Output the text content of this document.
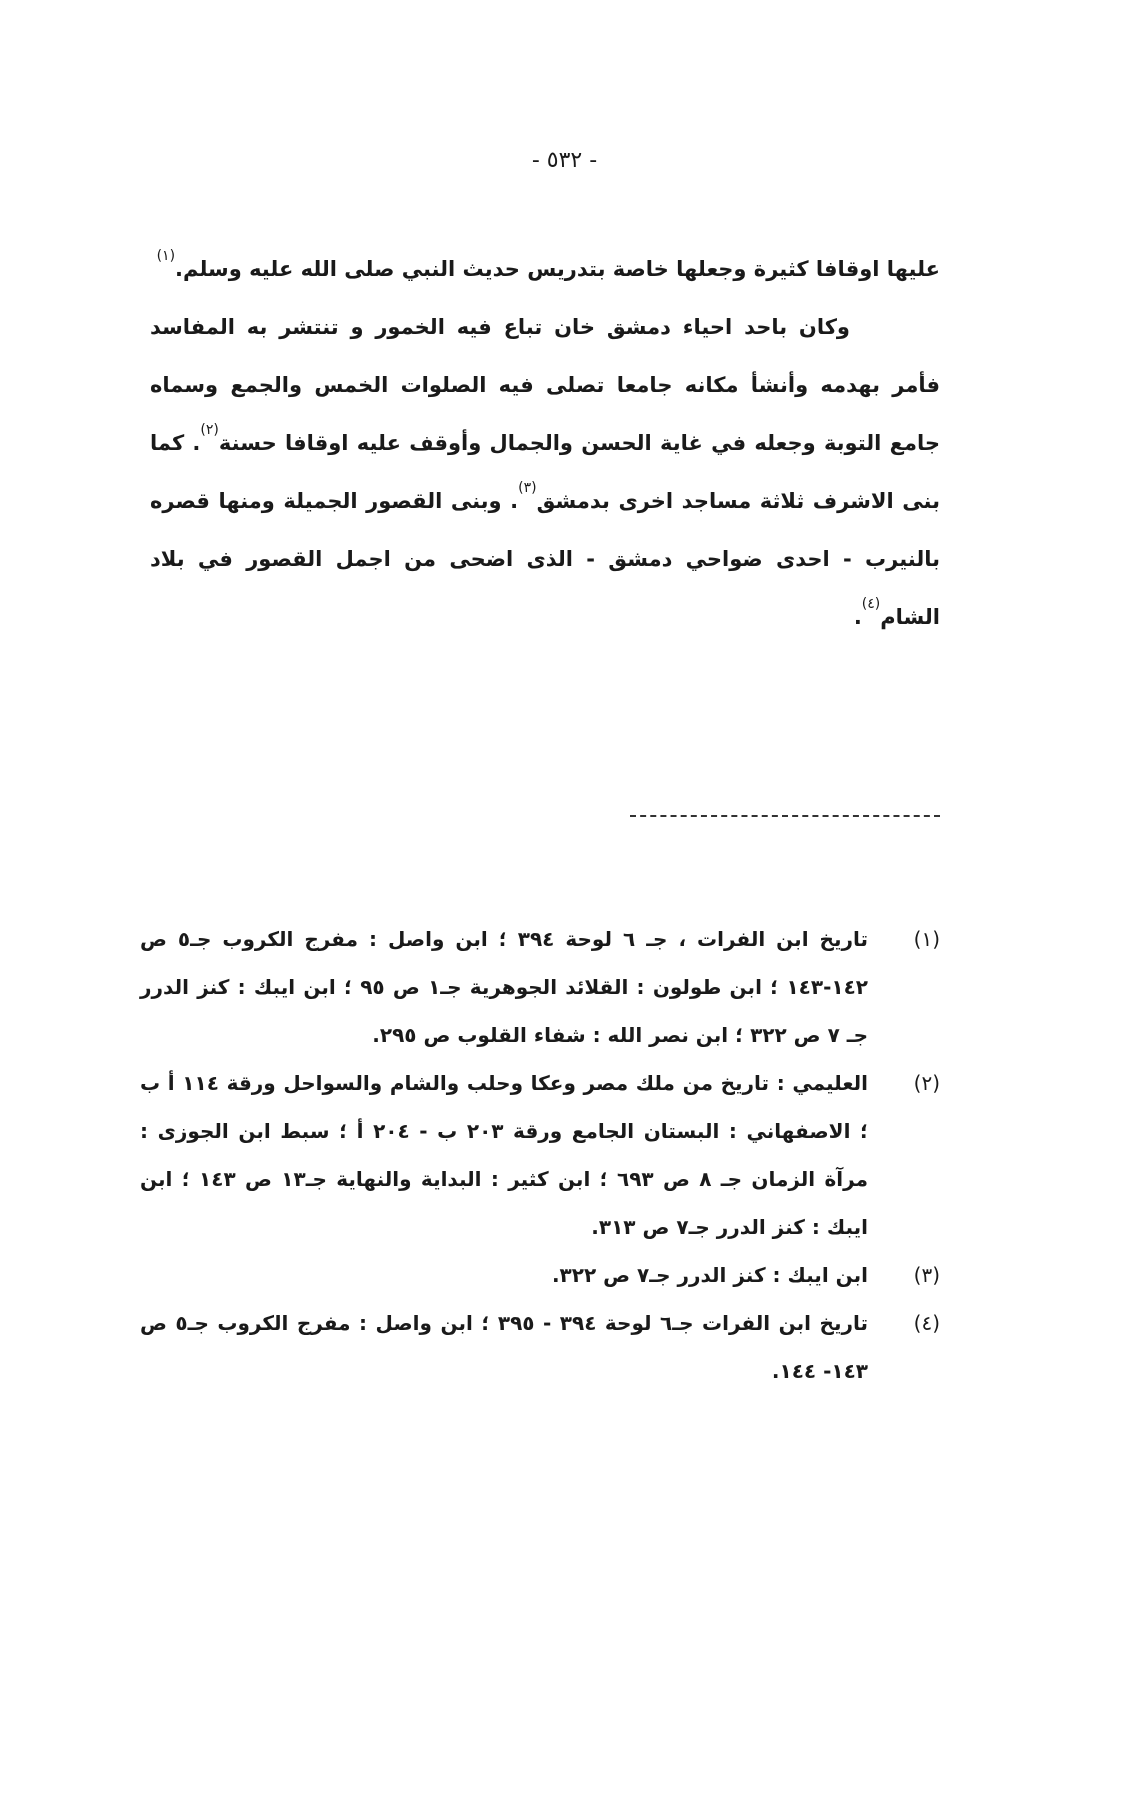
- ٥٣٢ -

عليها اوقافا كثيرة وجعلها خاصة بتدريس حديث النبي صلى الله عليه وسلم.$^{(١)}$

وكان باحد احياء دمشق خان تباع فيه الخمور و تنتشر به المفاسد فأمر بهدمه وأنشأ مكانه جامعا تصلى فيه الصلوات الخمس والجمع وسماه جامع التوبة وجعله في غاية الحسن والجمال وأوقف عليه اوقافا حسنة$^{(٢)}$. كما بنى الاشرف ثلاثة مساجد اخرى بدمشق$^{(٣)}$. وبنى القصور الجميلة ومنها قصره بالنيرب - احدى ضواحي دمشق - الذى اضحى من اجمل القصور في بلاد الشام$^{(٤)}$.

(١)
تاريخ ابن الفرات ، جـ ٦ لوحة ٣٩٤ ؛ ابن واصل : مفرج الكروب جـ٥ ص ١٤٢-١٤٣ ؛ ابن طولون : القلائد الجوهرية جـ١ ص ٩٥ ؛ ابن ايبك : كنز الدرر جـ ٧ ص ٣٢٢ ؛ ابن نصر الله : شفاء القلوب ص ٢٩٥.
(٢)
العليمي : تاريخ من ملك مصر وعكا وحلب والشام والسواحل ورقة ١١٤ أ ب ؛ الاصفهاني : البستان الجامع ورقة ٢٠٣ ب - ٢٠٤ أ ؛ سبط ابن الجوزى : مرآة الزمان جـ ٨ ص ٦٩٣ ؛ ابن كثير : البداية والنهاية جـ١٣ ص ١٤٣ ؛ ابن ايبك : كنز الدرر جـ٧ ص ٣١٣.
(٣)
ابن ايبك : كنز الدرر جـ٧ ص ٣٢٢.
(٤)
تاريخ ابن الفرات جـ٦ لوحة ٣٩٤ - ٣٩٥ ؛ ابن واصل : مفرج الكروب جـ٥ ص ١٤٣- ١٤٤.
